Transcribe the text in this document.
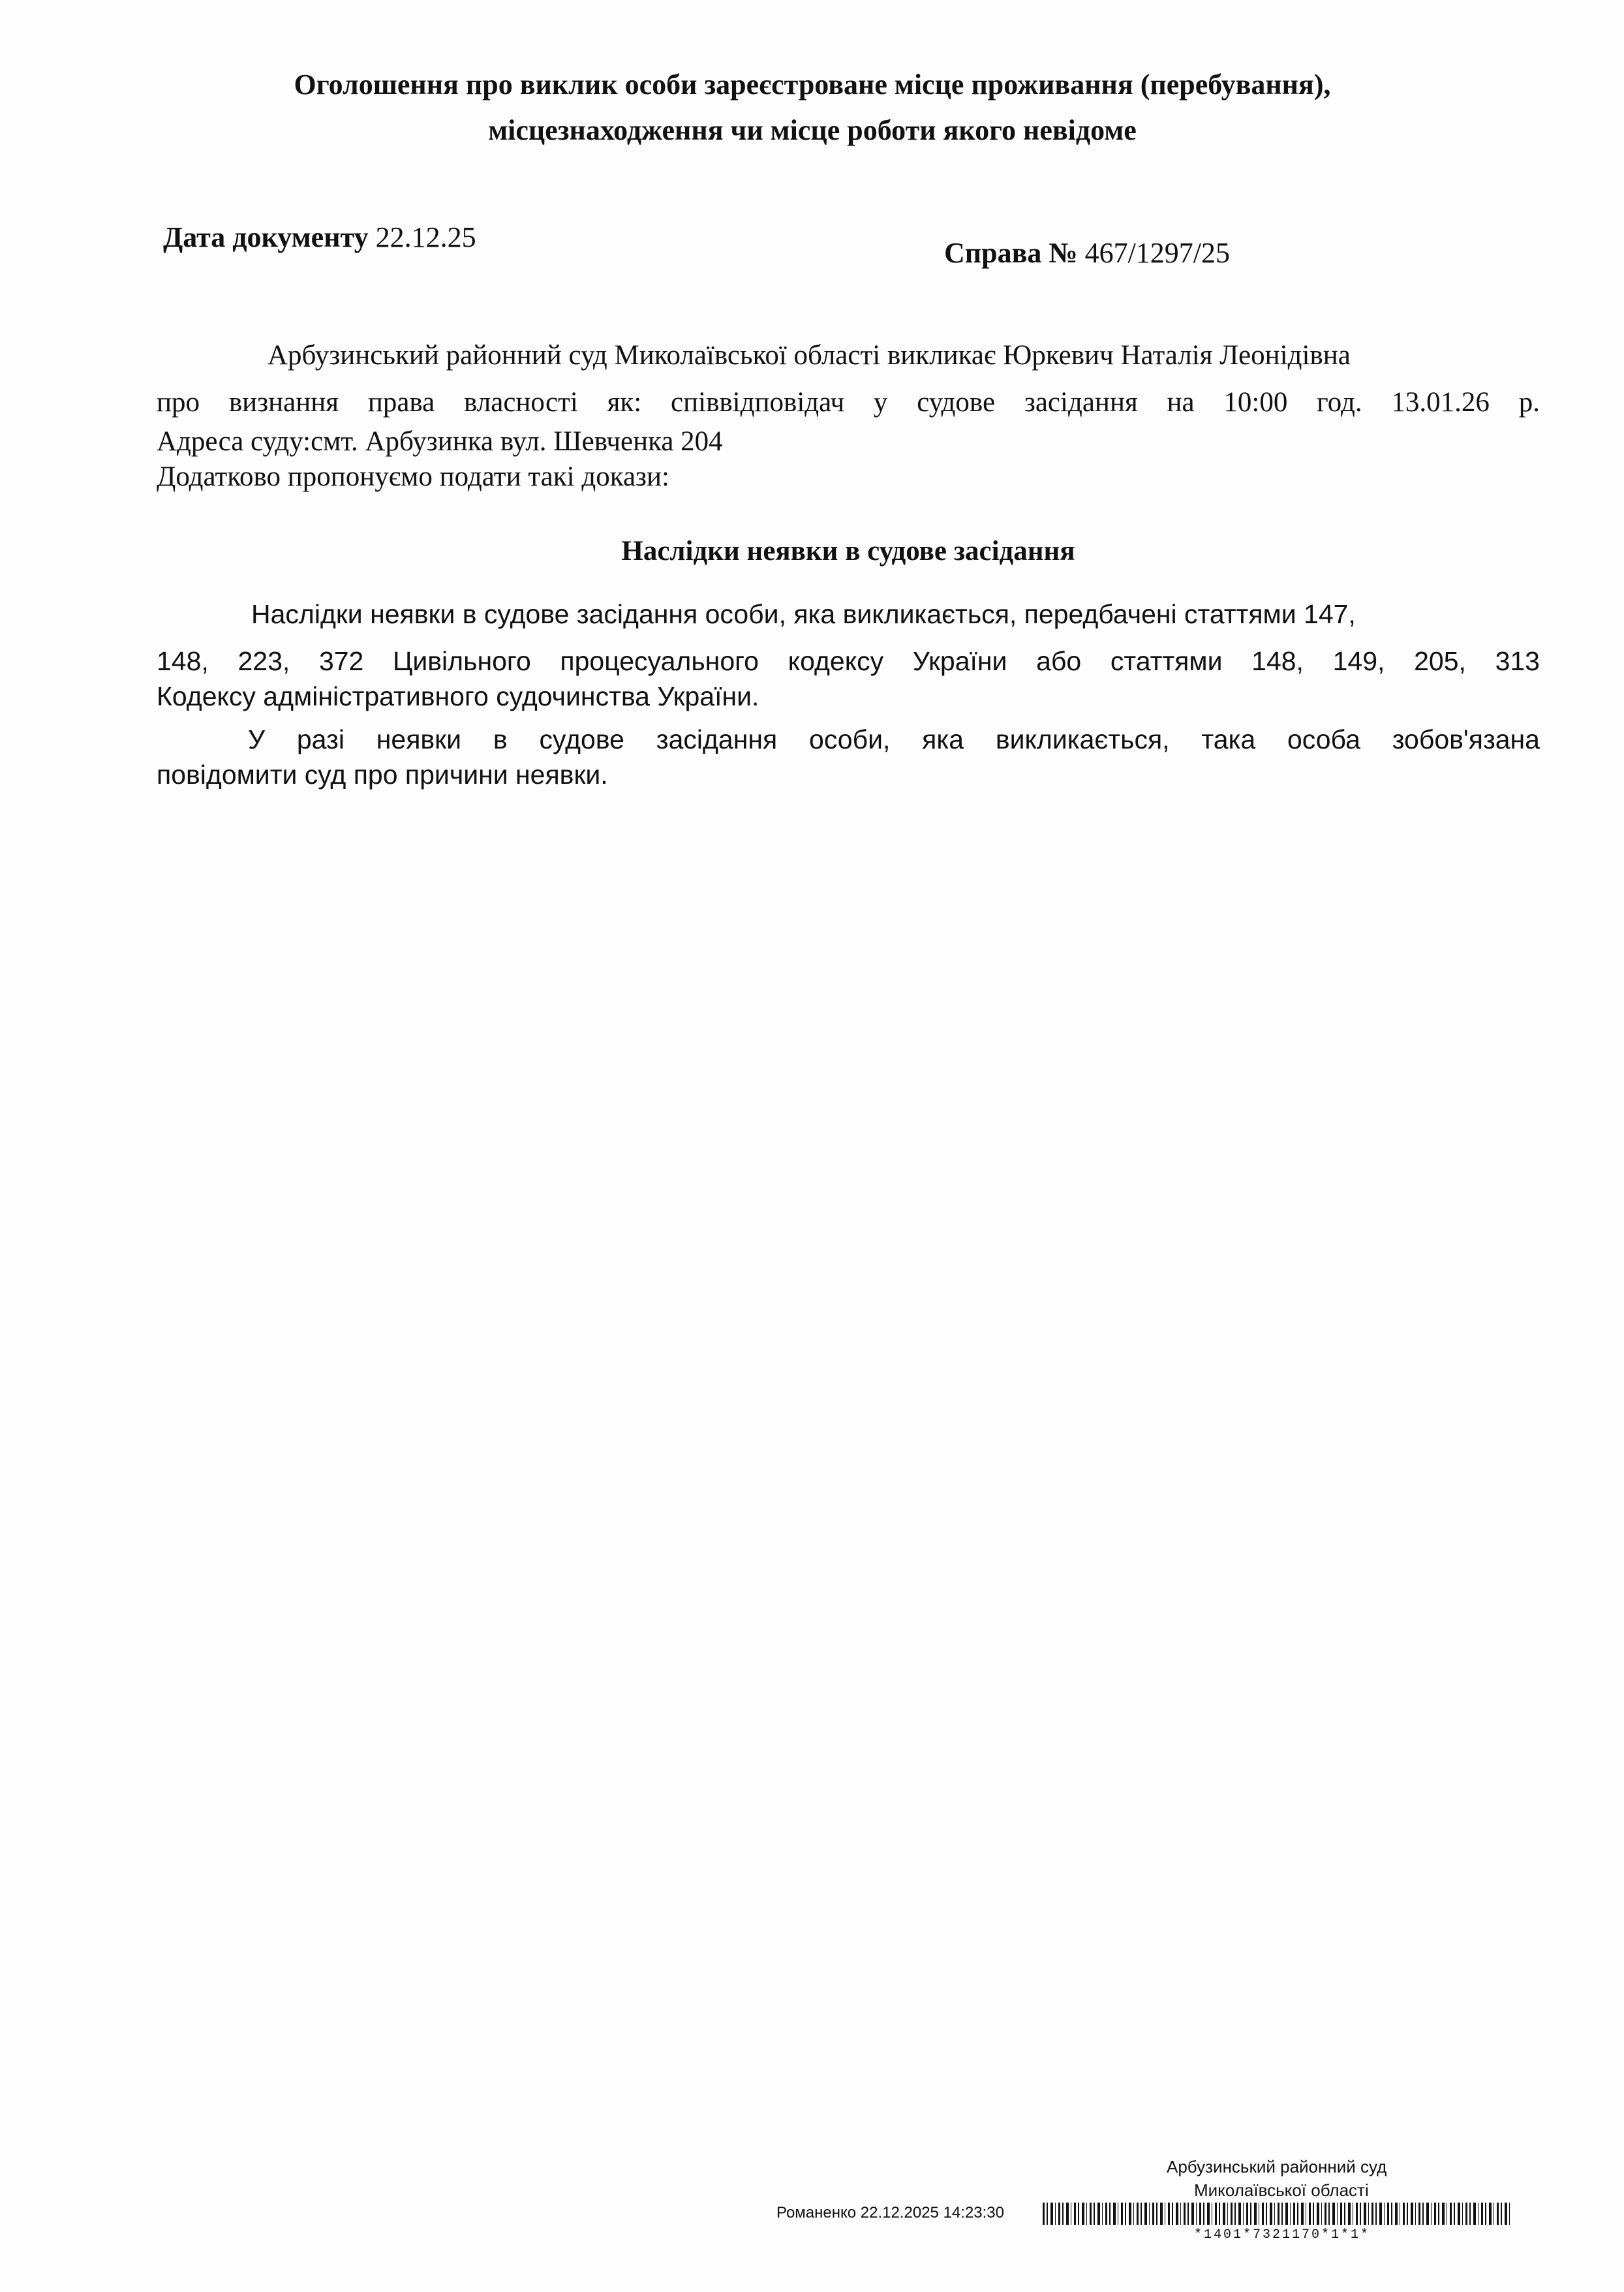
Оголошення про виклик особи зареєстроване місце проживання (перебування),
місцезнаходження чи місце роботи якого невідоме
Дата документу 22.12.25	Справа № 467/1297/25
Арбузинський районний суд Миколаївської області викликає Юркевич Наталія Леонідівна
про визнання права власності як: співвідповідач у судове засідання на 10:00 год. 13.01.26 р.
Адреса суду:смт. Арбузинка вул. Шевченка 204
Додатково пропонуємо подати такі докази:
Наслідки неявки в судове засідання
Наслідки неявки в судове засідання особи, яка викликається, передбачені статтями 147,
148, 223, 372 Цивільного процесуального кодексу України або статтями 148, 149, 205, 313
Кодексу адміністративного судочинства України.
У разі неявки в судове засідання особи, яка викликається, така особа зобов'язана
повідомити суд про причини неявки.
Арбузинський районний суд
Миколаївської області
Романенко 22.12.2025 14:23:30
*1401*7321170*1*1*
